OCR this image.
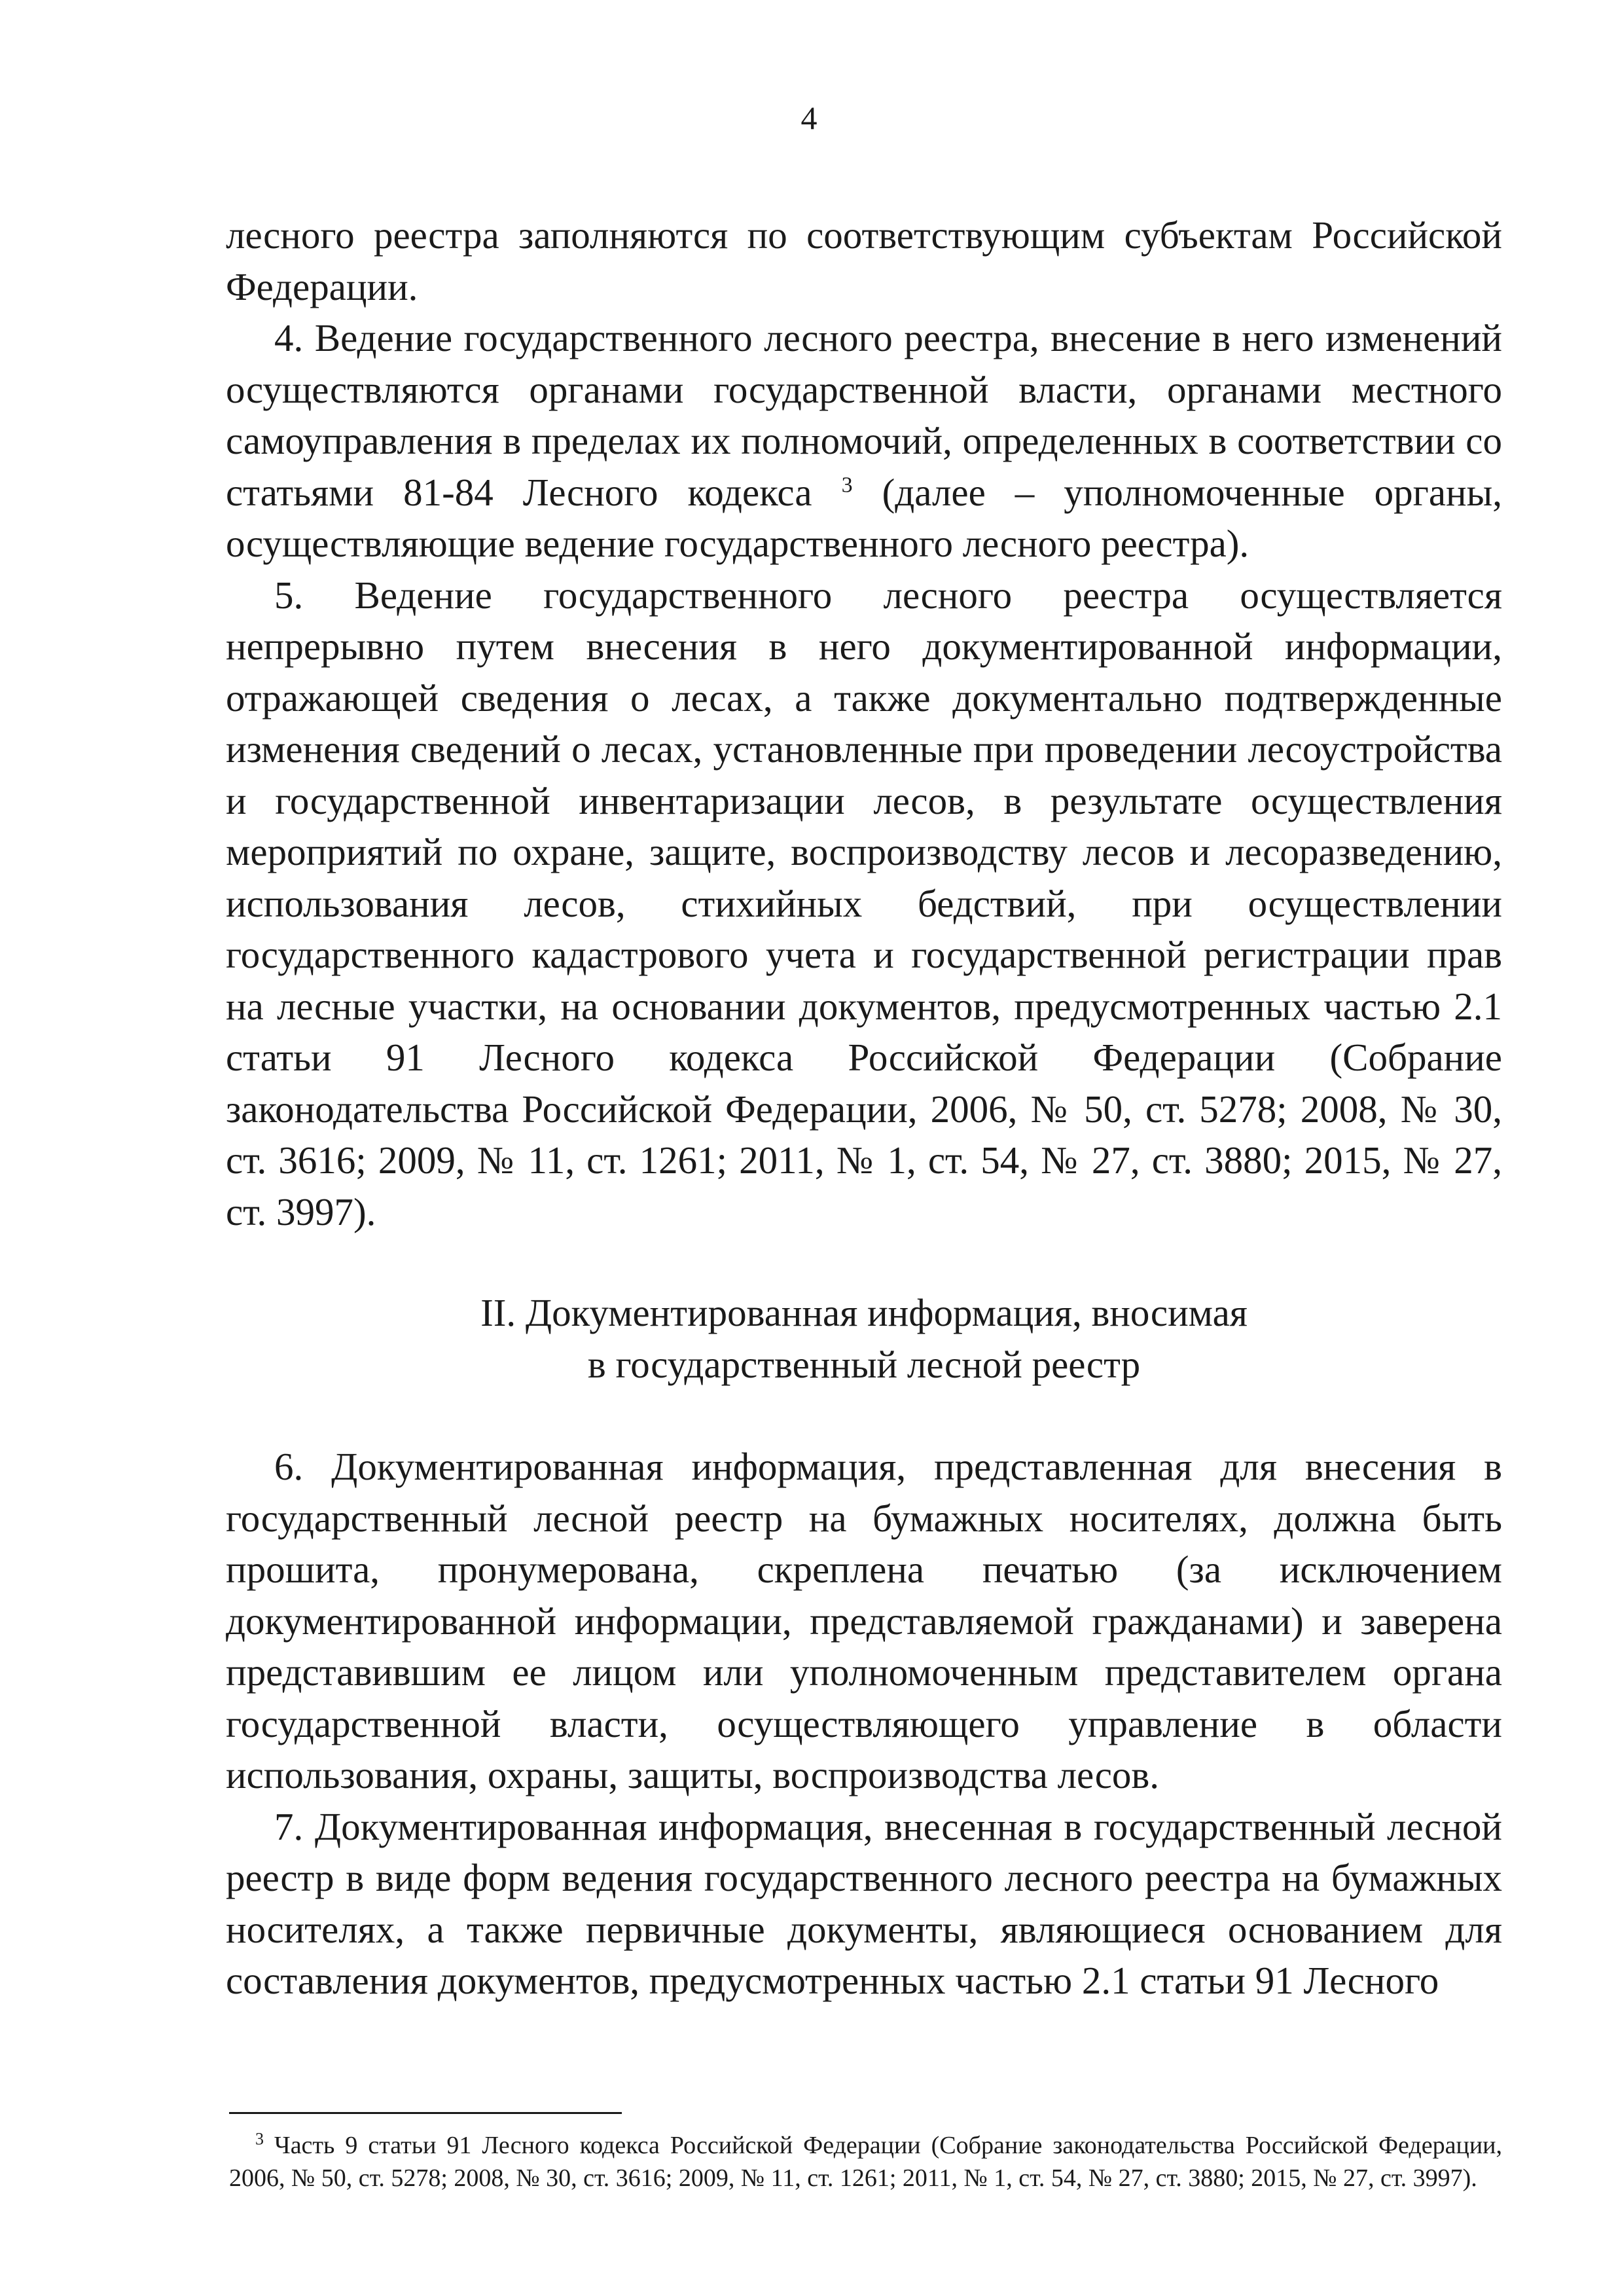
4

лесного реестра заполняются по соответствующим субъектам Российской Федерации.

4. Ведение государственного лесного реестра, внесение в него изменений осуществляются органами государственной власти, органами местного самоуправления в пределах их полномочий, определенных в соответствии со статьями 81-84 Лесного кодекса $^3$ (далее – уполномоченные органы, осуществляющие ведение государственного лесного реестра).

5. Ведение государственного лесного реестра осуществляется непрерывно путем внесения в него документированной информации, отражающей сведения о лесах, а также документально подтвержденные изменения сведений о лесах, установленные при проведении лесоустройства и государственной инвентаризации лесов, в результате осуществления мероприятий по охране, защите, воспроизводству лесов и лесоразведению, использования лесов, стихийных бедствий, при осуществлении государственного кадастрового учета и государственной регистрации прав на лесные участки, на основании документов, предусмотренных частью 2.1 статьи 91 Лесного кодекса Российской Федерации (Собрание законодательства Российской Федерации, 2006, № 50, ст. 5278; 2008, № 30, ст. 3616; 2009, № 11, ст. 1261; 2011, № 1, ст. 54, № 27, ст. 3880; 2015, № 27, ст. 3997).

II. Документированная информация, вносимая
в государственный лесной реестр

6. Документированная информация, представленная для внесения в государственный лесной реестр на бумажных носителях, должна быть прошита, пронумерована, скреплена печатью (за исключением документированной информации, представляемой гражданами) и заверена представившим ее лицом или уполномоченным представителем органа государственной власти, осуществляющего управление в области использования, охраны, защиты, воспроизводства лесов.

7. Документированная информация, внесенная в государственный лесной реестр в виде форм ведения государственного лесного реестра на бумажных носителях, а также первичные документы, являющиеся основанием для составления документов, предусмотренных частью 2.1 статьи 91 Лесного

$^3$ Часть 9 статьи 91 Лесного кодекса Российской Федерации (Собрание законодательства Российской Федерации, 2006, № 50, ст. 5278; 2008, № 30, ст. 3616; 2009, № 11, ст. 1261; 2011, № 1, ст. 54, № 27, ст. 3880; 2015, № 27, ст. 3997).
